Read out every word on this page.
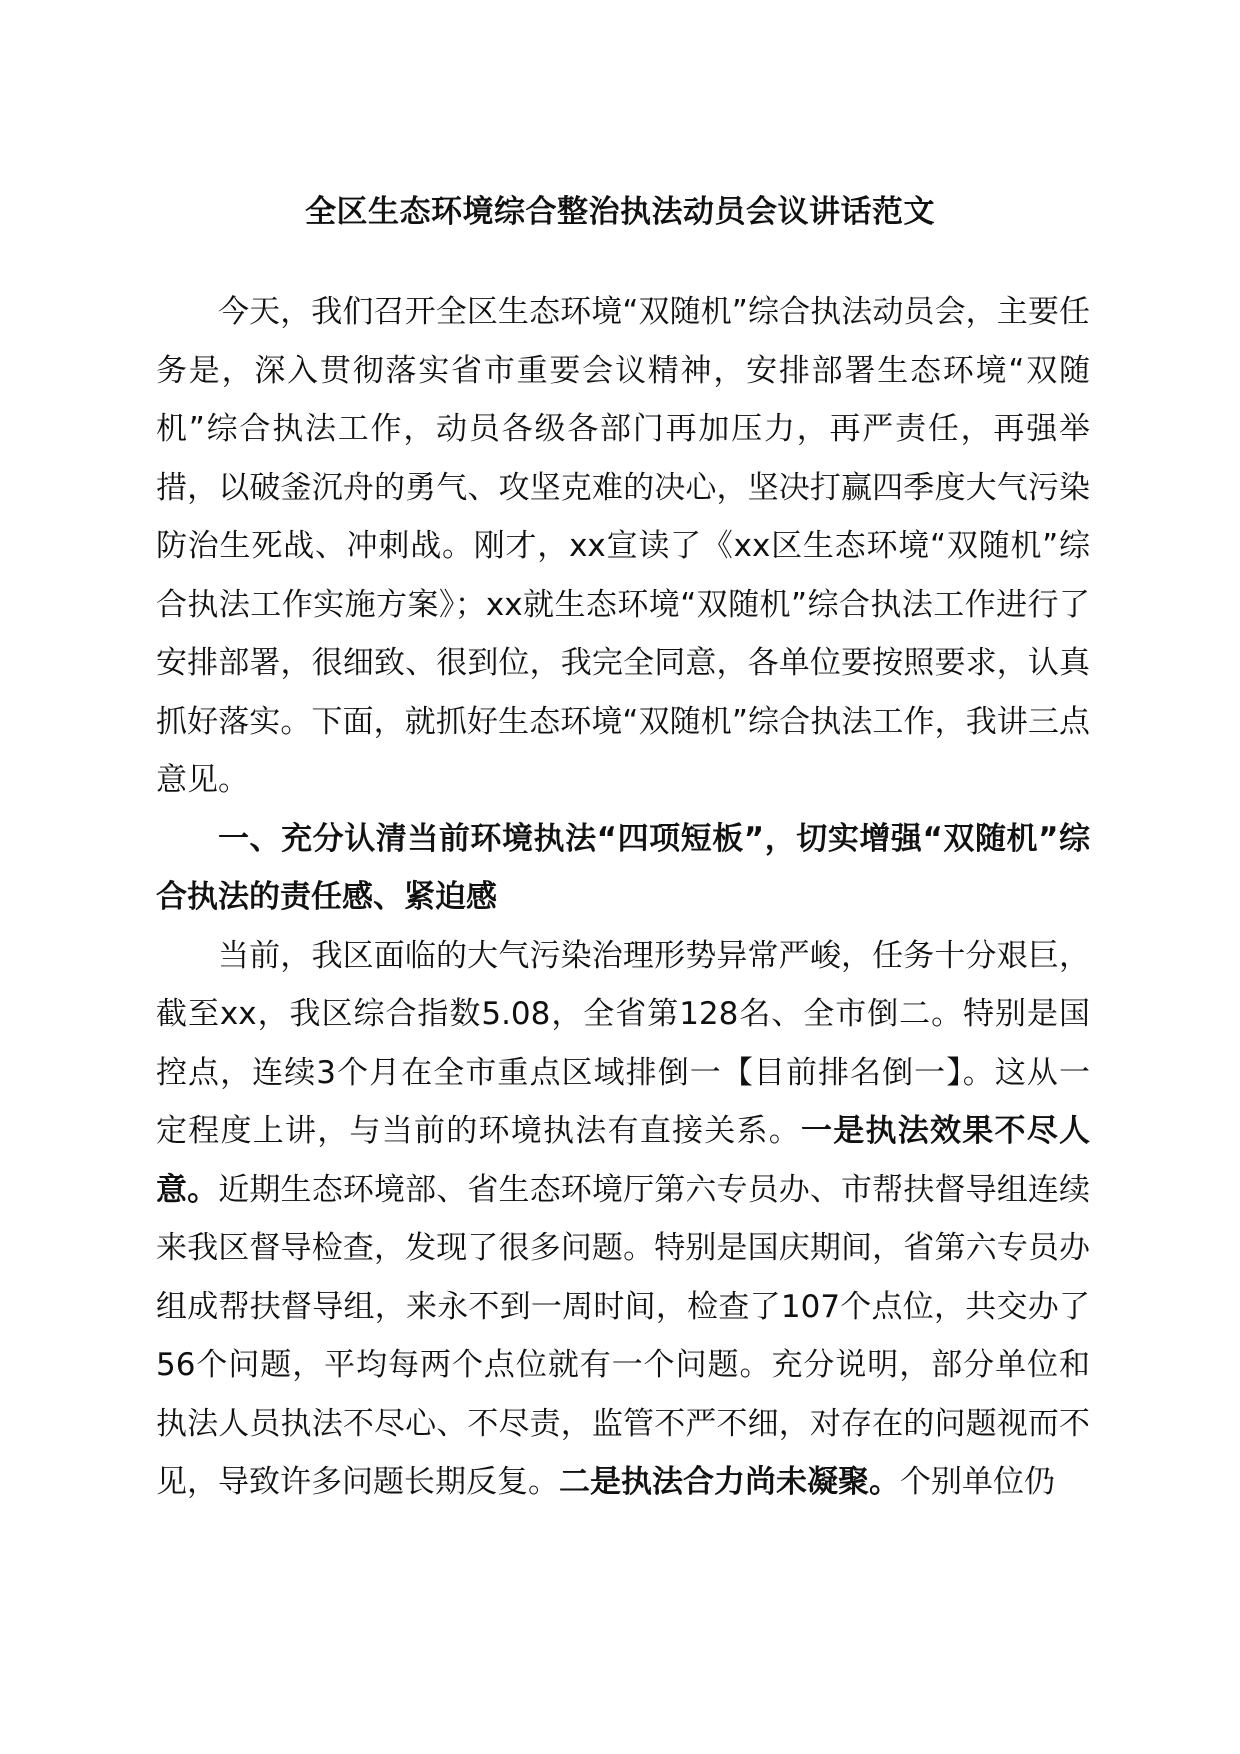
全区生态环境综合整治执法动员会议讲话范文

今天，我们召开全区生态环境“双随机”综合执法动员会，主要任务是，深入贯彻落实省市重要会议精神，安排部署生态环境“双随机”综合执法工作，动员各级各部门再加压力，再严责任，再强举措，以破釜沉舟的勇气、攻坚克难的决心，坚决打赢四季度大气污染防治生死战、冲刺战。刚才，xx宣读了《xx区生态环境“双随机”综合执法工作实施方案》；xx就生态环境“双随机”综合执法工作进行了安排部署，很细致、很到位，我完全同意，各单位要按照要求，认真抓好落实。下面，就抓好生态环境“双随机”综合执法工作，我讲三点意见。

一、充分认清当前环境执法“四项短板”，切实增强“双随机”综合执法的责任感、紧迫感

当前，我区面临的大气污染治理形势异常严峻，任务十分艰巨，截至xx，我区综合指数5.08，全省第128名、全市倒二。特别是国控点，连续3个月在全市重点区域排倒一【目前排名倒一】。这从一定程度上讲，与当前的环境执法有直接关系。一是执法效果不尽人意。近期生态环境部、省生态环境厅第六专员办、市帮扶督导组连续来我区督导检查，发现了很多问题。特别是国庆期间，省第六专员办组成帮扶督导组，来永不到一周时间，检查了107个点位，共交办了56个问题，平均每两个点位就有一个问题。充分说明，部分单位和执法人员执法不尽心、不尽责，监管不严不细，对存在的问题视而不见，导致许多问题长期反复。二是执法合力尚未凝聚。个别单位仍
